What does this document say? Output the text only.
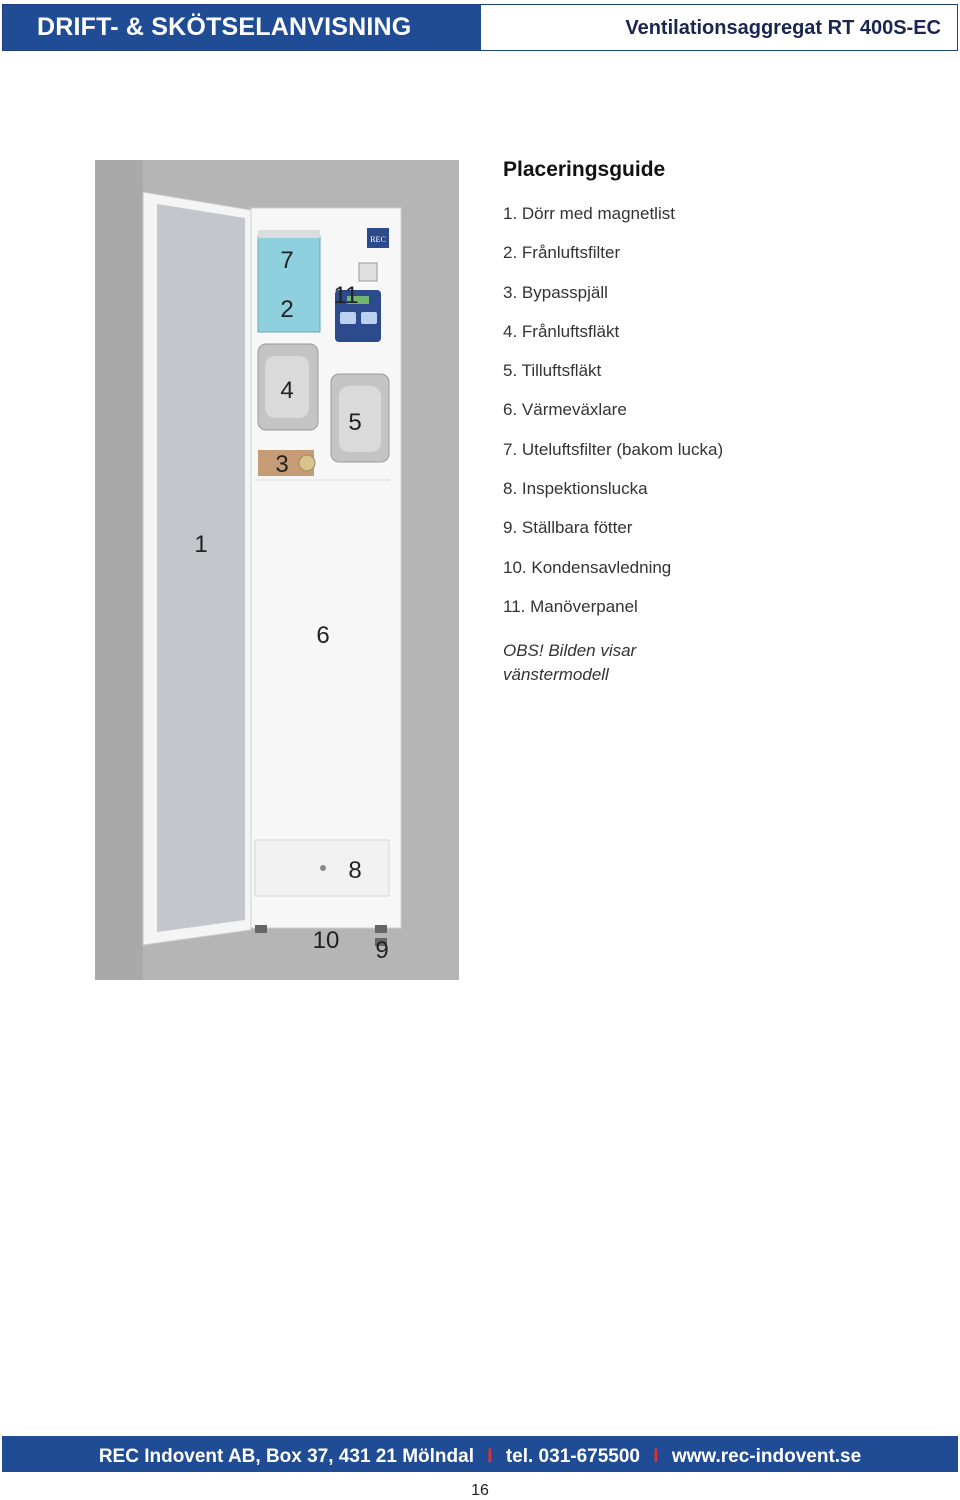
DRIFT- & SKÖTSELANVISNING	Ventilationsaggregat RT 400S-EC
REC
1
2
3
4
5
6
7
8
9
10
11
Placeringsguide
1. Dörr med magnetlist
2. Frånluftsfilter
3. Bypasspjäll
4. Frånluftsfläkt
5. Tilluftsfläkt
6. Värmeväxlare
7. Uteluftsfilter (bakom lucka)
8. Inspektionslucka
9. Ställbara fötter
10. Kondensavledning
11. Manöverpanel
OBS! Bilden visar vänstermodell
REC Indovent AB, Box 37, 431 21 Mölndal I tel. 031-675500 I www.rec-indovent.se
16
